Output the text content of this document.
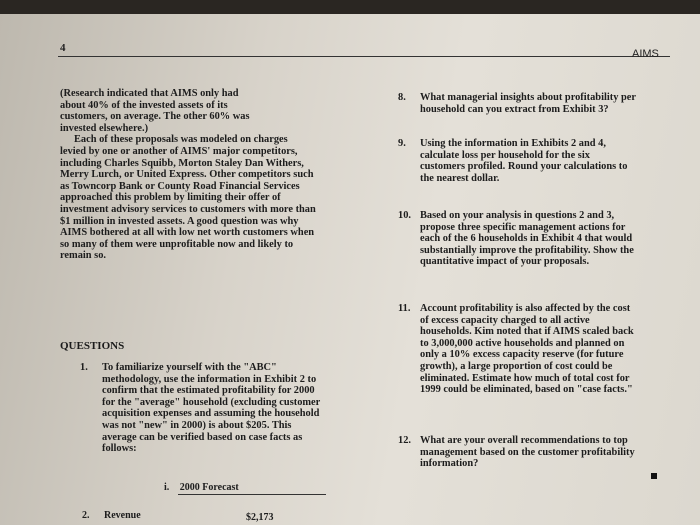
4	AIMS
(Research indicated that AIMS only had
about 40% of the invested assets of its
customers, on average. The other 60% was
invested elsewhere.)
Each of these proposals was modeled on charges
levied by one or another of AIMS' major competitors,
including Charles Squibb, Morton Staley Dan Withers,
Merry Lurch, or United Express. Other competitors such
as Towncorp Bank or County Road Financial Services
approached this problem by limiting their offer of
investment advisory services to customers with more than
$1 million in invested assets. A good question was why
AIMS bothered at all with low net worth customers when
so many of them were unprofitable now and likely to
remain so.
QUESTIONS
1. To familiarize yourself with the "ABC"
methodology, use the information in Exhibit 2 to
confirm that the estimated profitability for 2000
for the "average" household (excluding customer
acquisition expenses and assuming the household
was not "new" in 2000) is about $205. This
average can be verified based on case facts as
follows:
i. 2000 Forecast
2. Revenue	$2,173
8. What managerial insights about profitability per
household can you extract from Exhibit 3?
9. Using the information in Exhibits 2 and 4,
calculate loss per household for the six
customers profiled. Round your calculations to
the nearest dollar.
10. Based on your analysis in questions 2 and 3,
propose three specific management actions for
each of the 6 households in Exhibit 4 that would
substantially improve the profitability. Show the
quantitative impact of your proposals.
11. Account profitability is also affected by the cost
of excess capacity charged to all active
households. Kim noted that if AIMS scaled back
to 3,000,000 active households and planned on
only a 10% excess capacity reserve (for future
growth), a large proportion of cost could be
eliminated. Estimate how much of total cost for
1999 could be eliminated, based on "case facts."
12. What are your overall recommendations to top
management based on the customer profitability
information?
